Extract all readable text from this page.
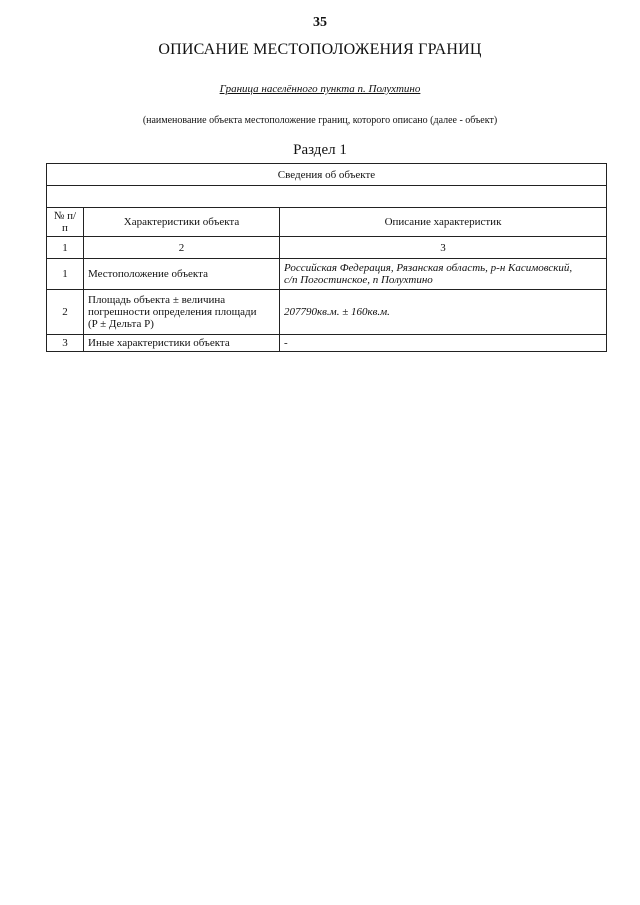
35
ОПИСАНИЕ МЕСТОПОЛОЖЕНИЯ ГРАНИЦ
Граница населённого пункта п. Полухтино
(наименование объекта местоположение границ, которого описано (далее - объект)
Раздел 1
Сведения об объекте		

№ п/п	Характеристики объекта	Описание характеристик
1	2	3
1	Местоположение объекта	Российская Федерация, Рязанская область, р-н Касимовский,
с/п Погостинское, п Полухтино

2	Площадь объекта ± величина
погрешности определения площади
(P ± Дельта P)	207790кв.м. ± 160кв.м.
3	Иные характеристики объекта	-
